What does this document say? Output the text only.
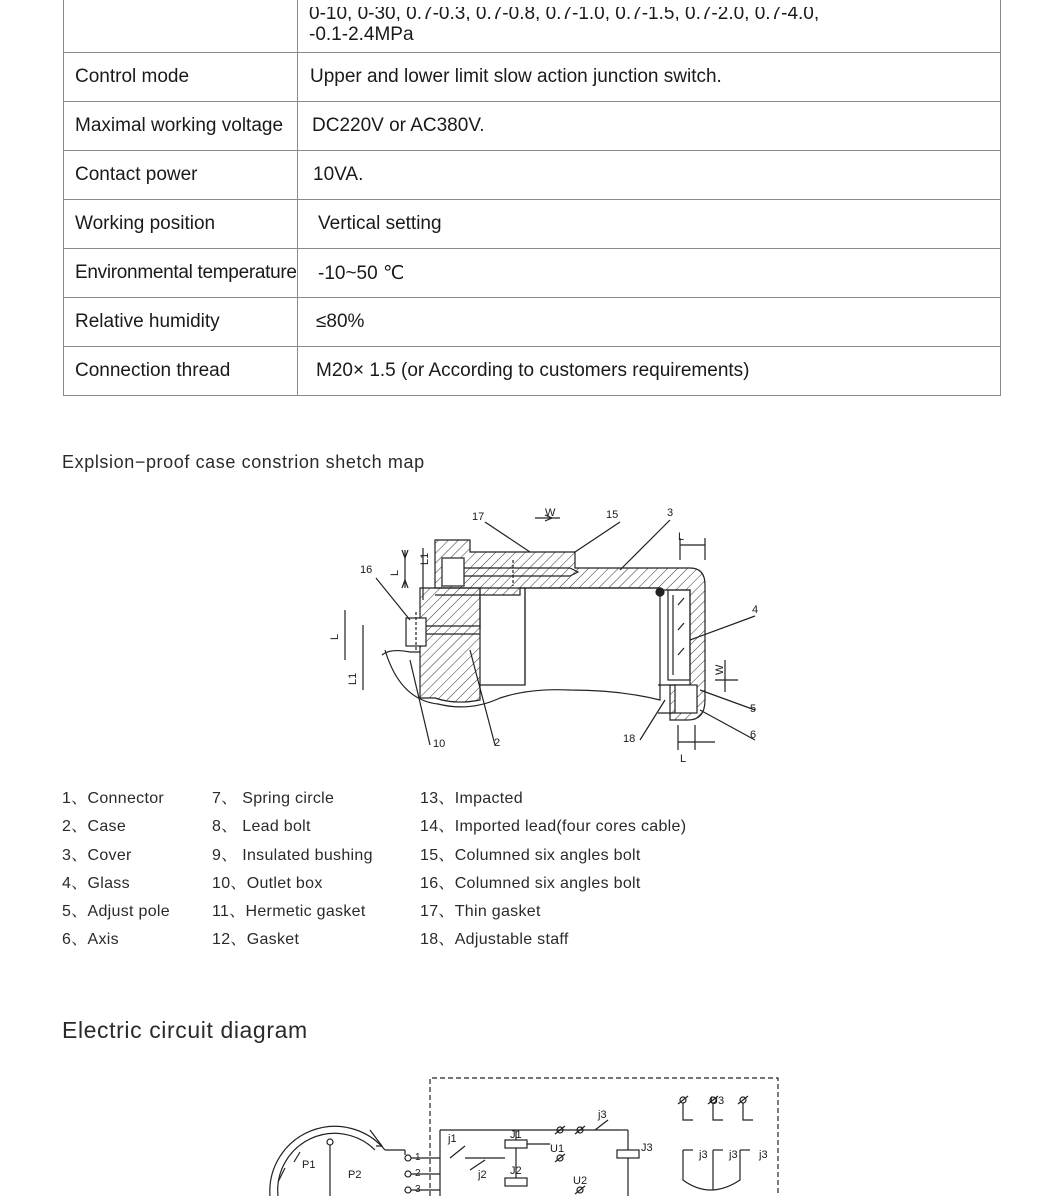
	0-10, 0-30, 0.7-0.3, 0.7-0.8, 0.7-1.0, 0.7-1.5, 0.7-2.0, 0.7-4.0,
-0.1-2.4MPa
Control mode	Upper and lower limit slow action junction switch.
Maximal working voltage	DC220V or AC380V.
Contact power	10VA.
Working position	Vertical setting
Environmental temperature	-10~50 ℃
Relative humidity	≤80%
Connection thread	M20× 1.5 (or According to customers requirements)
Explsion−proof case constrion shetch map
17	W	15	3
L
16 L
L1
L
L1
4
W
5
6
10	2	18
L
1、Connector
2、Case
3、Cover
4、Glass
5、Adjust pole
6、Axis
7、 Spring circle
8、 Lead bolt
9、 Insulated bushing
10、Outlet box
11、Hermetic gasket
12、Gasket
13、Impacted
14、Imported lead(four cores cable)
15、Columned six angles bolt
16、Columned six angles bolt
17、Thin gasket
18、Adjustable staff
Electric circuit diagram
P1
P2
1
2
3
j1
j2
J1
J2
U1
U2
U3
j3
J3
j3 j3 j3
